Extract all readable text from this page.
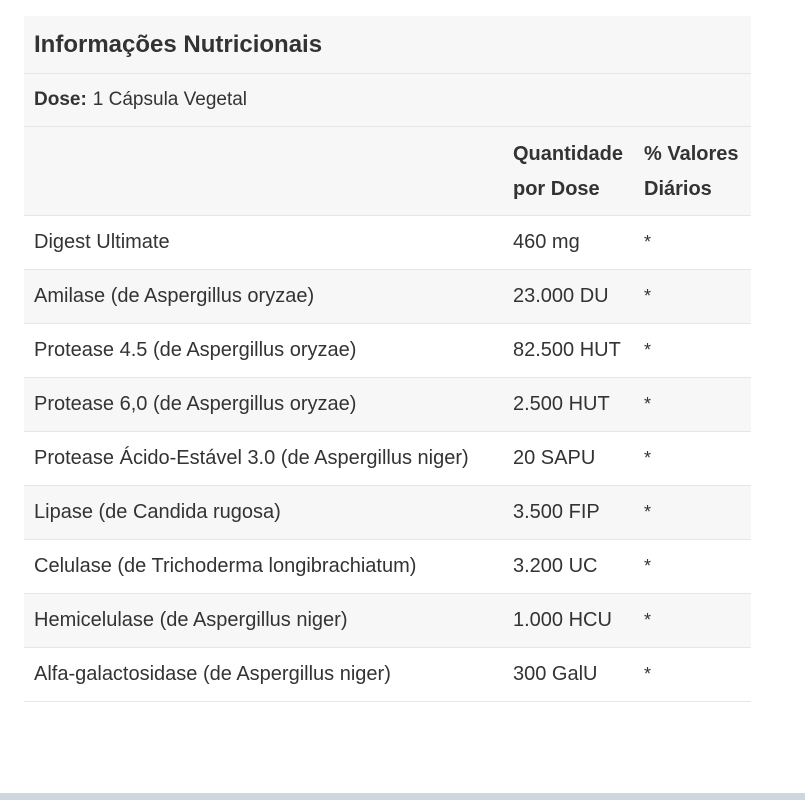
Informações Nutricionais
Dose: 1 Cápsula Vegetal
	Quantidade por Dose	% Valores Diários
Digest Ultimate	460 mg	*
Amilase (de Aspergillus oryzae)	23.000 DU	*
Protease 4.5 (de Aspergillus oryzae)	82.500 HUT	*
Protease 6,0 (de Aspergillus oryzae)	2.500 HUT	*
Protease Ácido-Estável 3.0 (de Aspergillus niger)	20 SAPU	*
Lipase (de Candida rugosa)	3.500 FIP	*
Celulase (de Trichoderma longibrachiatum)	3.200 UC	*
Hemicelulase (de Aspergillus niger)	1.000 HCU	*
Alfa-galactosidase (de Aspergillus niger)	300 GalU	*
